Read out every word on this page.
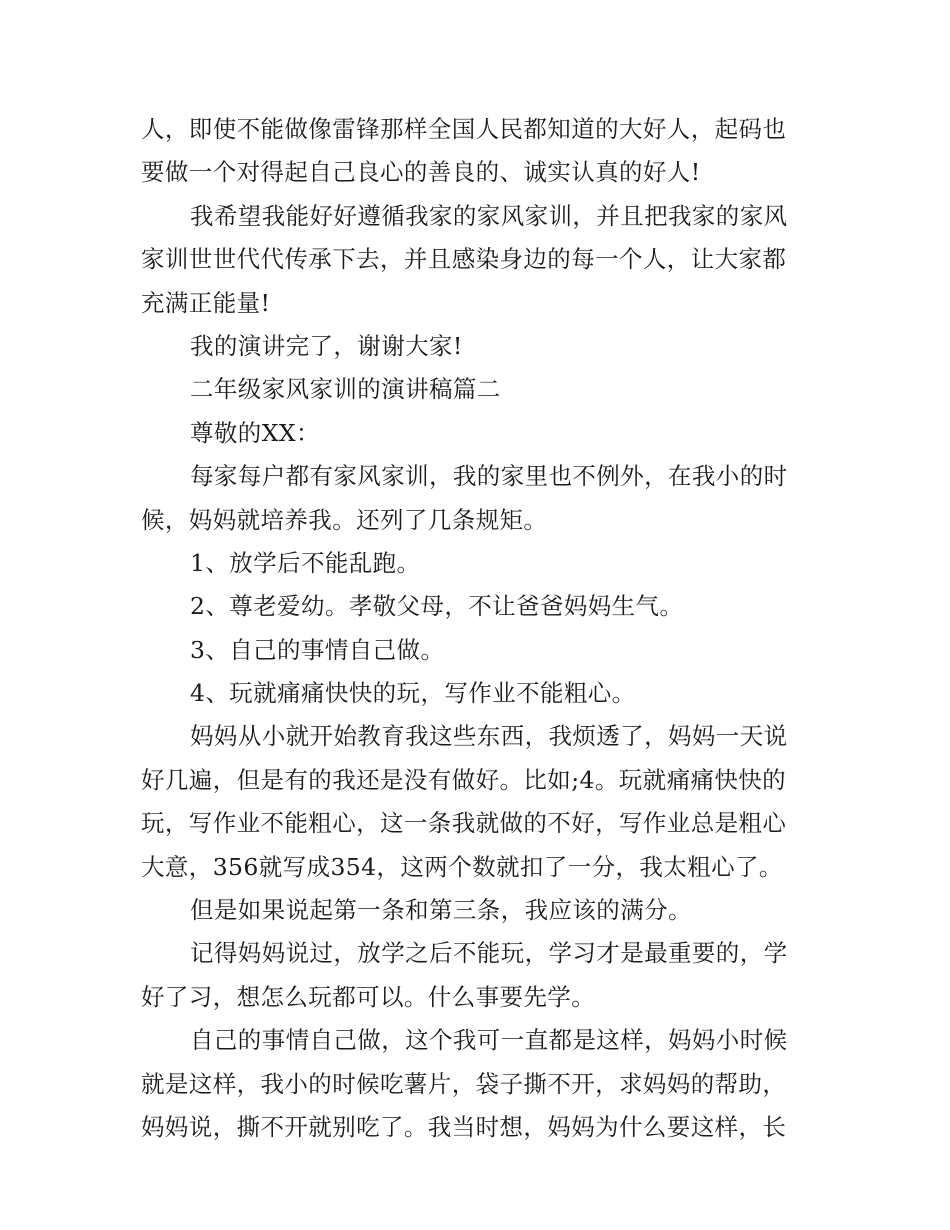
人，即使不能做像雷锋那样全国人民都知道的大好人，起码也
要做一个对得起自己良心的善良的、诚实认真的好人!
我希望我能好好遵循我家的家风家训，并且把我家的家风
家训世世代代传承下去，并且感染身边的每一个人，让大家都
充满正能量!
我的演讲完了，谢谢大家!
二年级家风家训的演讲稿篇二
尊敬的XX：
每家每户都有家风家训，我的家里也不例外，在我小的时
候，妈妈就培养我。还列了几条规矩。
1、放学后不能乱跑。
2、尊老爱幼。孝敬父母，不让爸爸妈妈生气。
3、自己的事情自己做。
4、玩就痛痛快快的玩，写作业不能粗心。
妈妈从小就开始教育我这些东西，我烦透了，妈妈一天说
好几遍，但是有的我还是没有做好。比如;4。玩就痛痛快快的
玩，写作业不能粗心，这一条我就做的不好，写作业总是粗心
大意，356就写成354，这两个数就扣了一分，我太粗心了。
但是如果说起第一条和第三条，我应该的满分。
记得妈妈说过，放学之后不能玩，学习才是最重要的，学
好了习，想怎么玩都可以。什么事要先学。
自己的事情自己做，这个我可一直都是这样，妈妈小时候
就是这样，我小的时候吃薯片，袋子撕不开，求妈妈的帮助，
妈妈说，撕不开就别吃了。我当时想，妈妈为什么要这样，长
